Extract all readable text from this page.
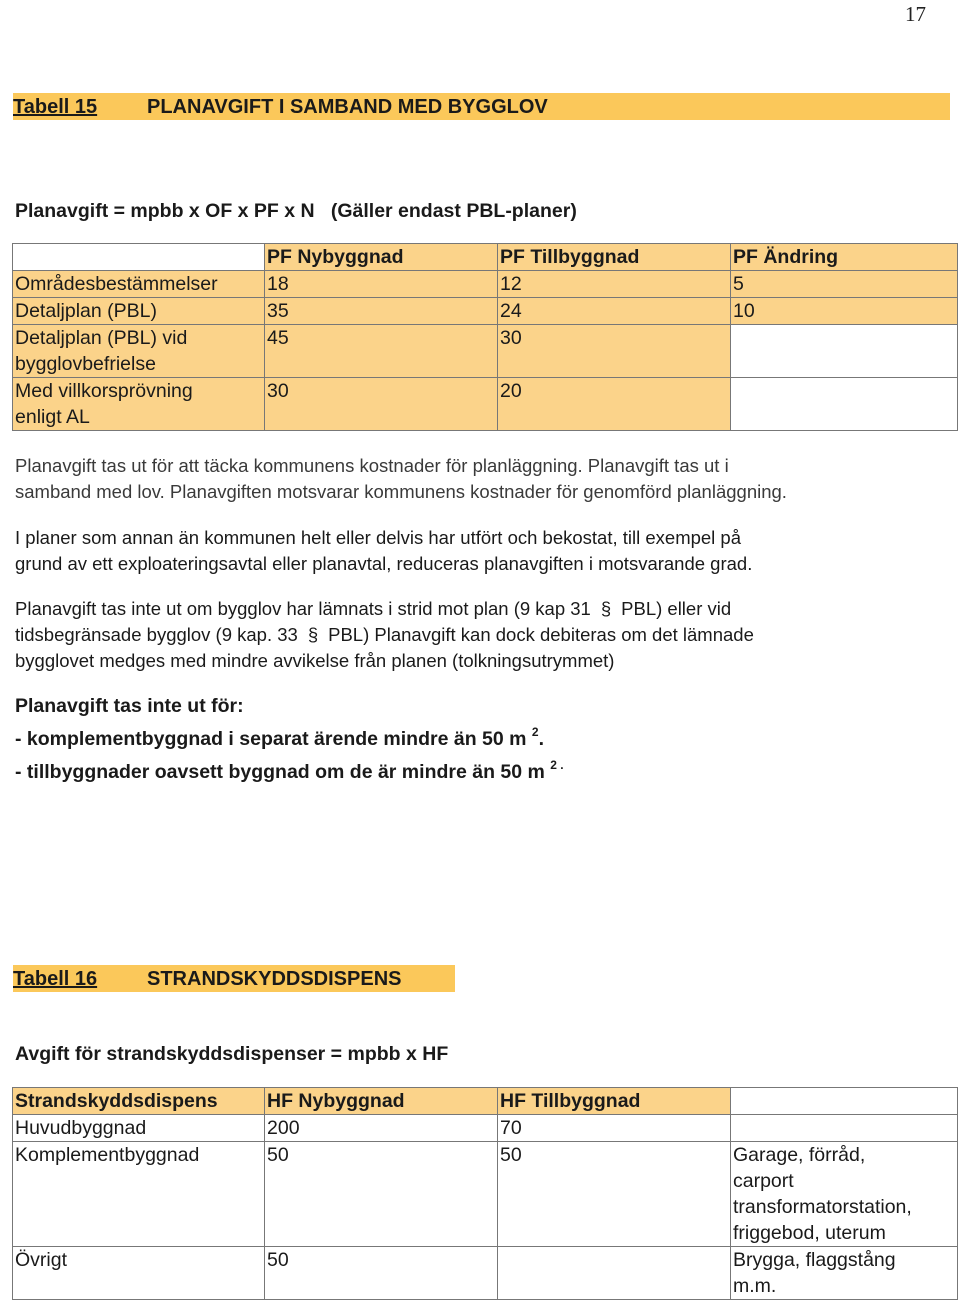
17
Tabell 15 PLANAVGIFT I SAMBAND MED BYGGLOV
Planavgift = mpbb x OF x PF x N   (Gäller endast PBL-planer)
	PF Nybyggnad	PF Tillbyggnad	PF Ändring
Områdesbestämmelser	18	12	5
Detaljplan (PBL)	35	24	10

Detaljplan (PBL) vid
bygglovbefrielse	45	30	

Med villkorsprövning
enligt AL	30	20	
Planavgift tas ut för att täcka kommunens kostnader för planläggning. Planavgift tas ut i
samband med lov. Planavgiften motsvarar kommunens kostnader för genomförd planläggning.
I planer som annan än kommunen helt eller delvis har utfört och bekostat, till exempel på
grund av ett exploateringsavtal eller planavtal, reduceras planavgiften i motsvarande grad.
Planavgift tas inte ut om bygglov har lämnats i strid mot plan (9 kap 31 § PBL) eller vid
tidsbegränsade bygglov (9 kap. 33 § PBL) Planavgift kan dock debiteras om det lämnade
bygglovet medges med mindre avvikelse från planen (tolkningsutrymmet)
Planavgift tas inte ut för:
- komplementbyggnad i separat ärende mindre än 50 m $^2$.
- tillbyggnader oavsett byggnad om de är mindre än 50 m $^{2 .}$
Tabell 16 STRANDSKYDDSDISPENS
Avgift för strandskyddsdispenser = mpbb x HF
Strandskyddsdispens	HF Nybyggnad	HF Tillbyggnad	
Huvudbyggnad	200	70	
Komplementbyggnad	50	50	Garage, förråd,
carport
transformatorstation,
friggebod, uterum

Övrigt	50		Brygga, flaggstång
m.m.
